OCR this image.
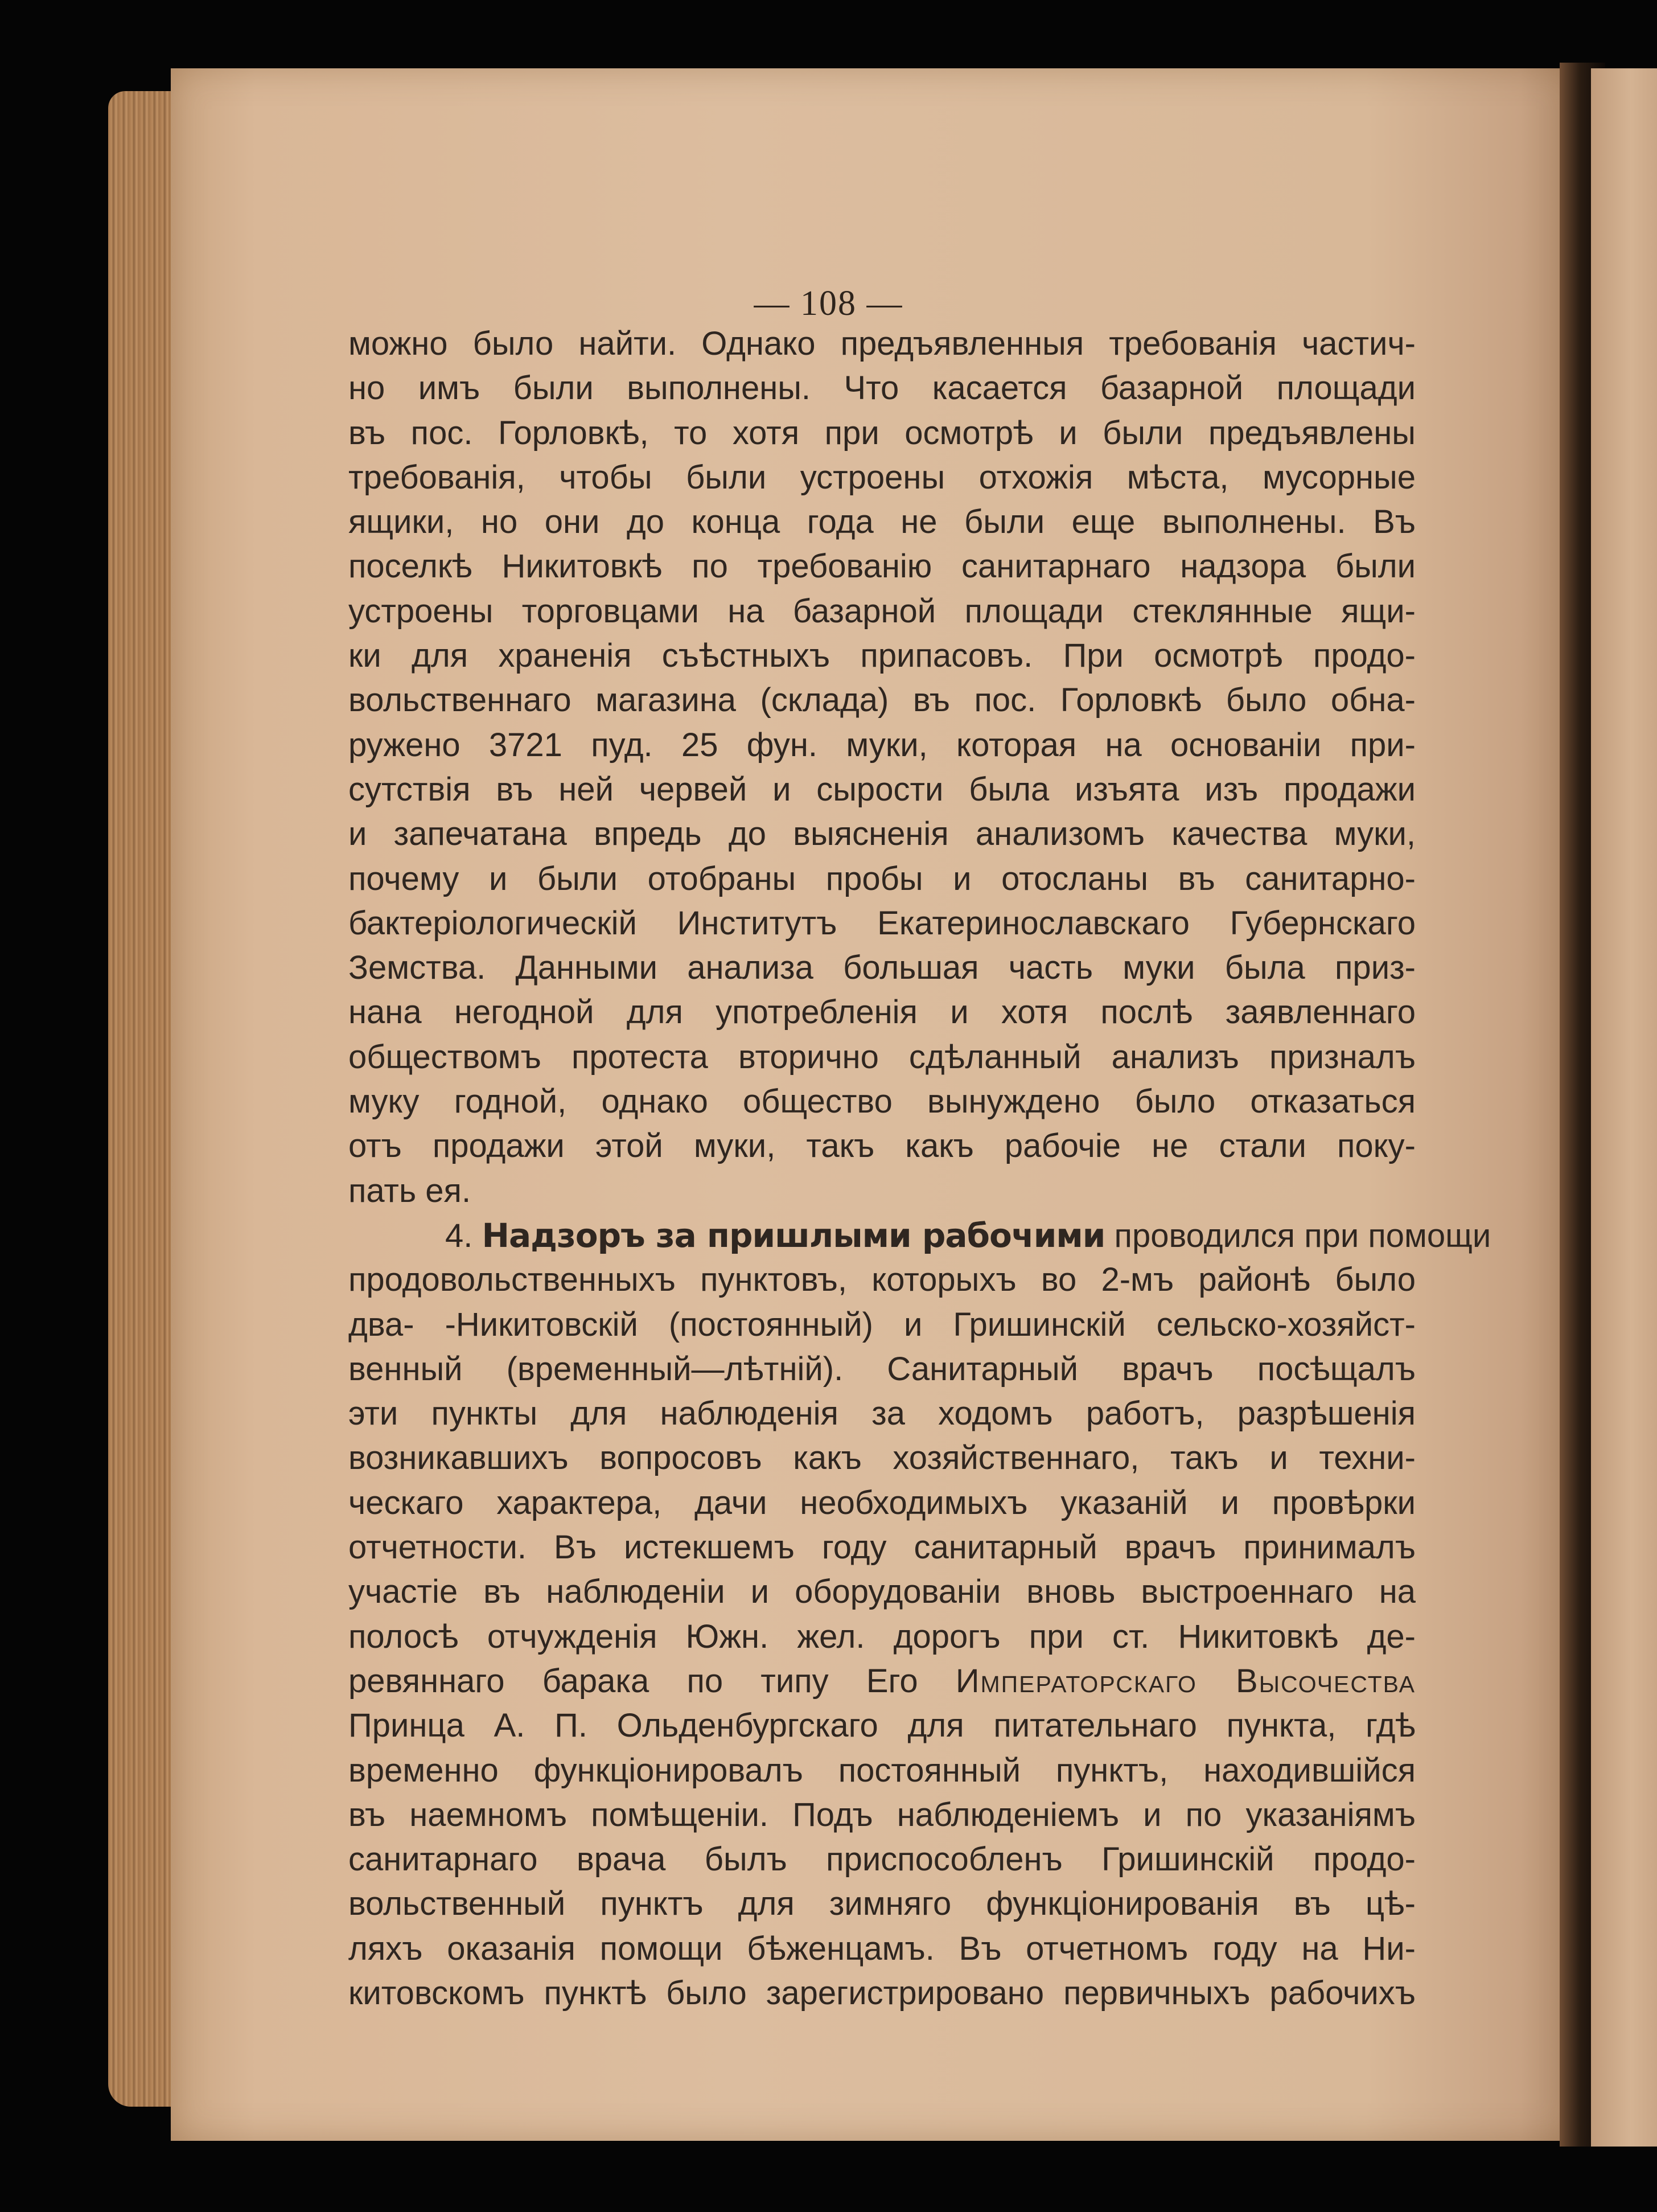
— 108 —
можно было найти. Однако предъявленныя требованія частич-
но имъ были выполнены. Что касается базарной площади
въ пос. Горловкѣ, то хотя при осмотрѣ и были предъявлены
требованія, чтобы были устроены отхожія мѣста, мусорные
ящики, но они до конца года не были еще выполнены. Въ
поселкѣ Никитовкѣ по требованію санитарнаго надзора были
устроены торговцами на базарной площади стеклянные ящи-
ки для храненія съѣстныхъ припасовъ. При осмотрѣ продо-
вольственнаго магазина (склада) въ пос. Горловкѣ было обна-
ружено 3721 пуд. 25 фун. муки, которая на основаніи при-
сутствія въ ней червей и сырости была изъята изъ продажи
и запечатана впредь до выясненія анализомъ качества муки,
почему и были отобраны пробы и отосланы въ санитарно-
бактеріологическій Институтъ Екатеринославскаго Губернскаго
Земства. Данными анализа большая часть муки была приз-
нана негодной для употребленія и хотя послѣ заявленнаго
обществомъ протеста вторично сдѣланный анализъ призналъ
муку годной, однако общество вынуждено было отказаться
отъ продажи этой муки, такъ какъ рабочіе не стали поку-
пать ея.
4. Надзоръ за пришлыми рабочими проводился при помощи
продовольственныхъ пунктовъ, которыхъ во 2-мъ районѣ было
два- -Никитовскій (постоянный) и Гришинскій сельско-хозяйст-
венный (временный—лѣтній). Санитарный врачъ посѣщалъ
эти пункты для наблюденія за ходомъ работъ, разрѣшенія
возникавшихъ вопросовъ какъ хозяйственнаго, такъ и техни-
ческаго характера, дачи необходимыхъ указаній и провѣрки
отчетности. Въ истекшемъ году санитарный врачъ принималъ
участіе въ наблюденіи и оборудованіи вновь выстроеннаго на
полосѣ отчужденія Южн. жел. дорогъ при ст. Никитовкѣ де-
ревяннаго барака по типу Его Императорскаго Высочества
Принца А. П. Ольденбургскаго для питательнаго пункта, гдѣ
временно функціонировалъ постоянный пунктъ, находившійся
въ наемномъ помѣщеніи. Подъ наблюденіемъ и по указаніямъ
санитарнаго врача былъ приспособленъ Гришинскій продо-
вольственный пунктъ для зимняго функціонированія въ цѣ-
ляхъ оказанія помощи бѣженцамъ. Въ отчетномъ году на Ни-
китовскомъ пунктѣ было зарегистрировано первичныхъ рабочихъ
